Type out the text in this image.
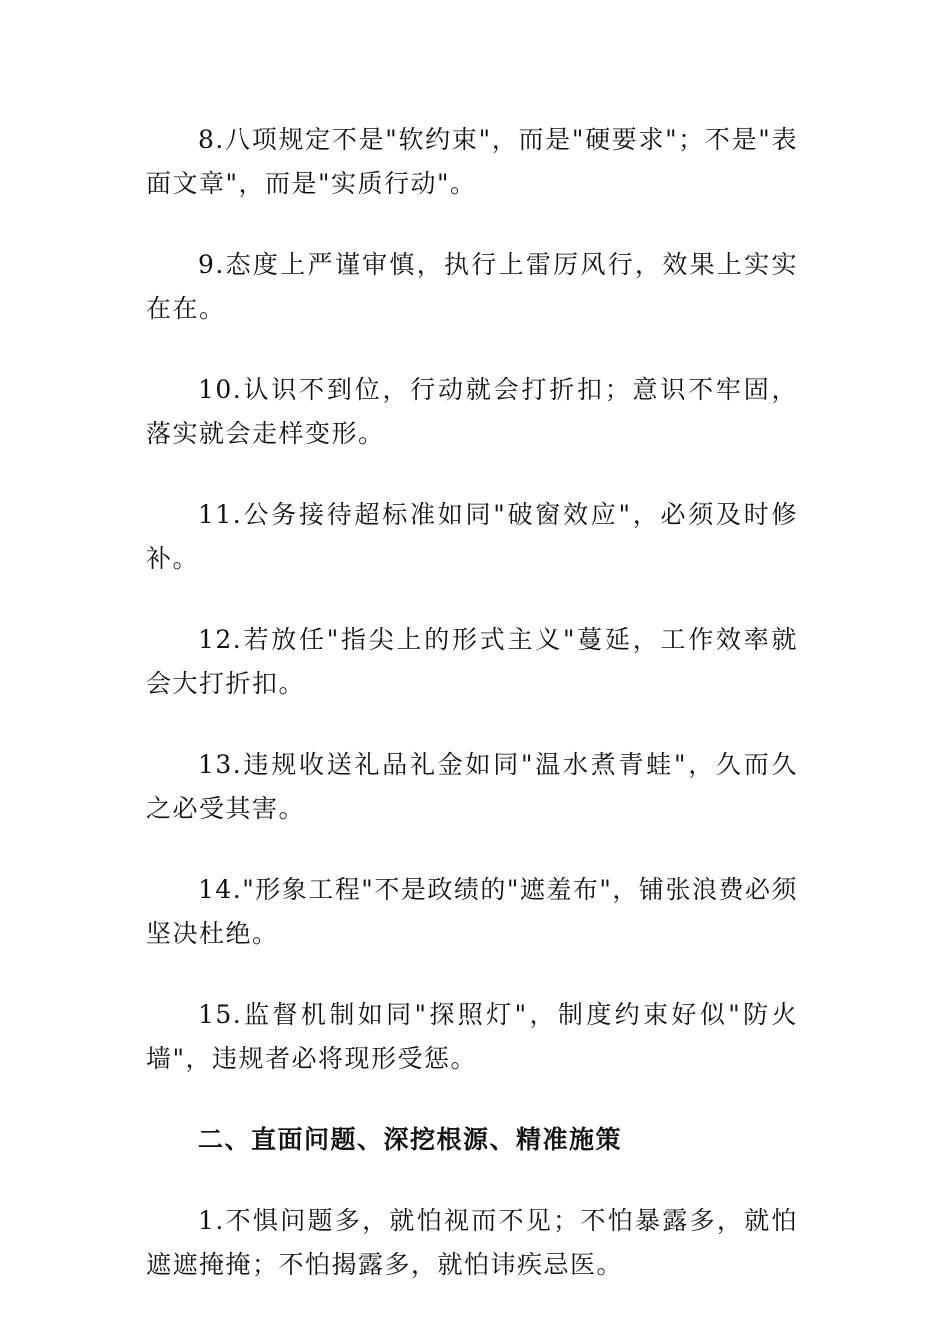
8.八项规定不是"软约束"，而是"硬要求"；不是"表面文章"，而是"实质行动"。

9.态度上严谨审慎，执行上雷厉风行，效果上实实在在。

10.认识不到位，行动就会打折扣；意识不牢固，落实就会走样变形。

11.公务接待超标准如同"破窗效应"，必须及时修补。

12.若放任"指尖上的形式主义"蔓延，工作效率就会大打折扣。

13.违规收送礼品礼金如同"温水煮青蛙"，久而久之必受其害。

14."形象工程"不是政绩的"遮羞布"，铺张浪费必须坚决杜绝。

15.监督机制如同"探照灯"，制度约束好似"防火墙"，违规者必将现形受惩。

二、直面问题、深挖根源、精准施策

1.不惧问题多，就怕视而不见；不怕暴露多，就怕遮遮掩掩；不怕揭露多，就怕讳疾忌医。
